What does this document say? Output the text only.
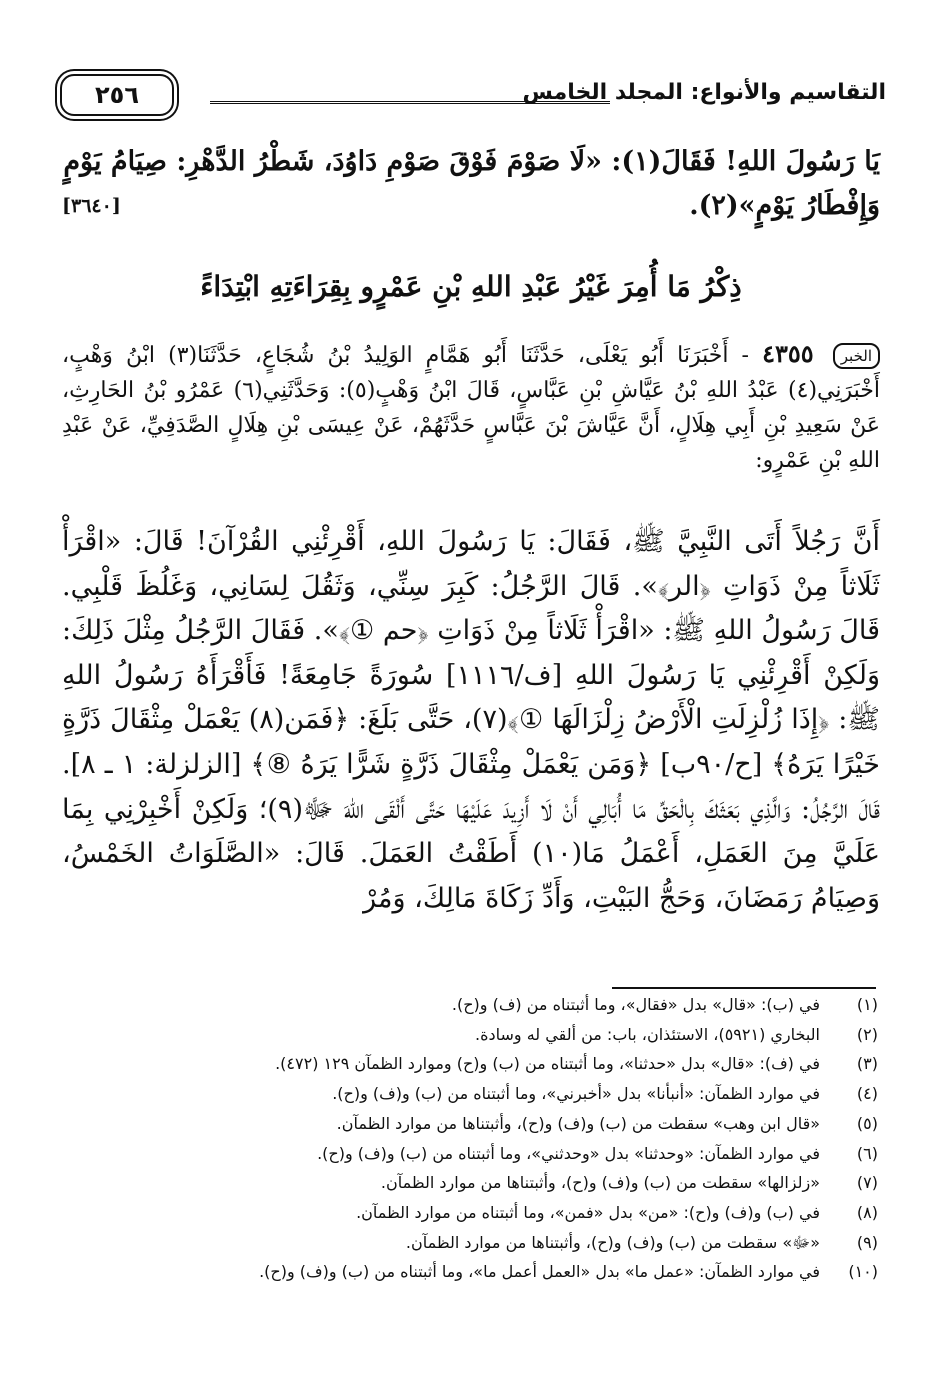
التقاسيم والأنواع: المجلد الخامس
٢٥٦
يَا رَسُولَ اللهِ! فَقَالَ(١): «لَا صَوْمَ فَوْقَ صَوْمِ دَاوُدَ، شَطْرُ الدَّهْرِ: صِيَامُ يَوْمٍ
وَإِفْطَارُ يَوْمٍ»(٢).
[٣٦٤٠]
ذِكْرُ مَا أُمِرَ غَيْرُ عَبْدِ اللهِ بْنِ عَمْرٍو بِقِرَاءَتِهِ ابْتِدَاءً
الخبر ٤٣٥٥ - أَخْبَرَنَا أَبُو يَعْلَى، حَدَّثَنَا أَبُو هَمَّامٍ الوَلِيدُ بْنُ شُجَاعٍ، حَدَّثَنَا(٣) ابْنُ وَهْبٍ، أَخْبَرَنِي(٤) عَبْدُ اللهِ بْنُ عَيَّاشِ بْنِ عَبَّاسٍ، قَالَ ابْنُ وَهْبٍ(٥): وَحَدَّثَنِي(٦) عَمْرُو بْنُ الحَارِثِ، عَنْ سَعِيدِ بْنِ أَبِي هِلَالٍ، أَنَّ عَيَّاشَ بْنَ عَبَّاسٍ حَدَّثَهُمْ، عَنْ عِيسَى بْنِ هِلَالٍ الصَّدَفِيِّ، عَنْ عَبْدِ اللهِ بْنِ عَمْرٍو:
أَنَّ رَجُلاً أَتَى النَّبِيَّ ﷺ، فَقَالَ: يَا رَسُولَ اللهِ، أَقْرِئْنِي القُرْآنَ! قَالَ: «اقْرَأْ ثَلَاثاً مِنْ ذَوَاتِ ﴿الر﴾». قَالَ الرَّجُلُ: كَبِرَ سِنِّي، وَثَقُلَ لِسَانِي، وَغَلُظَ قَلْبِي. قَالَ رَسُولُ اللهِ ﷺ: «اقْرَأْ ثَلَاثاً مِنْ ذَوَاتِ ﴿حم ①﴾». فَقَالَ الرَّجُلُ مِثْلَ ذَلِكَ: وَلَكِنْ أَقْرِئْنِي يَا رَسُولَ اللهِ [ف/١١١٦] سُورَةً جَامِعَةً! فَأَقْرَأَهُ رَسُولُ اللهِ ﷺ: ﴿إِذَا زُلْزِلَتِ الْأَرْضُ زِلْزَالَهَا ①﴾(٧)، حَتَّى بَلَغَ: ﴿فَمَن(٨) يَعْمَلْ مِثْقَالَ ذَرَّةٍ خَيْرًا يَرَهُ﴾ [ح/٩٠ب] ﴿وَمَن يَعْمَلْ مِثْقَالَ ذَرَّةٍ شَرًّا يَرَهُ ⑧﴾ [الزلزلة: ١ ـ ٨]. قَالَ الرَّجُلُ: وَالَّذِي بَعَثَكَ بِالْحَقِّ مَا أُبَالِي أَنْ لَا أَزِيدَ عَلَيْهَا حَتَّى أَلْقَى اللهَ ﷻ(٩)؛ وَلَكِنْ أَخْبِرْنِي بِمَا عَلَيَّ مِنَ العَمَلِ، أَعْمَلُ مَا(١٠) أَطَقْتُ العَمَلَ. قَالَ: «الصَّلَوَاتُ الخَمْسُ، وَصِيَامُ رَمَضَانَ، وَحَجُّ البَيْتِ، وَأَدِّ زَكَاةَ مَالِكَ، وَمُرْ
(١)
في (ب): «قال» بدل «فقال»، وما أثبتناه من (ف) و(ح).
(٢)
البخاري (٥٩٢١)، الاستئذان، باب: من ألقي له وسادة.
(٣)
في (ف): «قال» بدل «حدثنا»، وما أثبتناه من (ب) و(ح) وموارد الظمآن ١٢٩ (٤٧٢).
(٤)
في موارد الظمآن: «أنبأنا» بدل «أخبرني»، وما أثبتناه من (ب) و(ف) و(ح).
(٥)
«قال ابن وهب» سقطت من (ب) و(ف) و(ح)، وأثبتناها من موارد الظمآن.
(٦)
في موارد الظمآن: «وحدثنا» بدل «وحدثني»، وما أثبتناه من (ب) و(ف) و(ح).
(٧)
«زلزالها» سقطت من (ب) و(ف) و(ح)، وأثبتناها من موارد الظمآن.
(٨)
في (ب) و(ف) و(ح): «من» بدل «فمن»، وما أثبتناه من موارد الظمآن.
(٩)
«ﷻ» سقطت من (ب) و(ف) و(ح)، وأثبتناها من موارد الظمآن.
(١٠)
في موارد الظمآن: «عمل ما» بدل «العمل أعمل ما»، وما أثبتناه من (ب) و(ف) و(ح).
